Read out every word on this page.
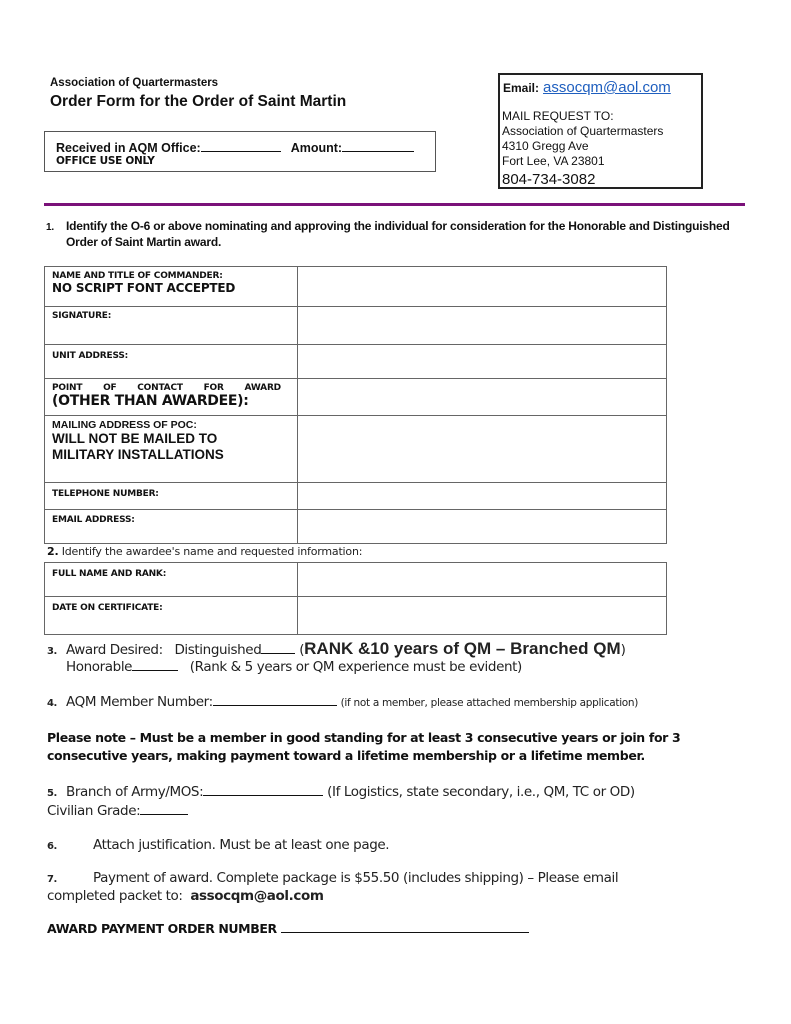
Association of Quartermasters
Order Form for the Order of Saint Martin
Received in AQM Office:	Amount:
OFFICE USE ONLY
Email: assocqm@aol.com
MAIL REQUEST TO:
Association of Quartermasters
4310 Gregg Ave
Fort Lee, VA 23801
804-734-3082
1. Identify the O-6 or above nominating and approving the individual for consideration for the Honorable and Distinguished Order of Saint Martin award.
NAME AND TITLE OF COMMANDER:
NO SCRIPT FONT ACCEPTED	

SIGNATURE:	

UNIT ADDRESS:	

POINT OF CONTACT FOR AWARD
(OTHER THAN AWARDEE):

MAILING ADDRESS OF POC:
WILL NOT BE MAILED TO
MILITARY INSTALLATIONS	

TELEPHONE NUMBER:	

EMAIL ADDRESS:	

2. Identify the awardee's name and requested information:
FULL NAME AND RANK:	

DATE ON CERTIFICATE:	

3. Award Desired: Distinguished	(RANK &10 years of QM – Branched QM)
Honorable	(Rank & 5 years or QM experience must be evident)
4. AQM Member Number:	(if not a member, please attached membership application)
Please note – Must be a member in good standing for at least 3 consecutive years or join for 3 consecutive years, making payment toward a lifetime membership or a lifetime member.
5. Branch of Army/MOS:	(If Logistics, state secondary, i.e., QM, TC or OD)
Civilian Grade:
6.	Attach justification. Must be at least one page.
7.	Payment of award. Complete package is $55.50 (includes shipping) – Please email
completed packet to: assocqm@aol.com
AWARD PAYMENT ORDER NUMBER
